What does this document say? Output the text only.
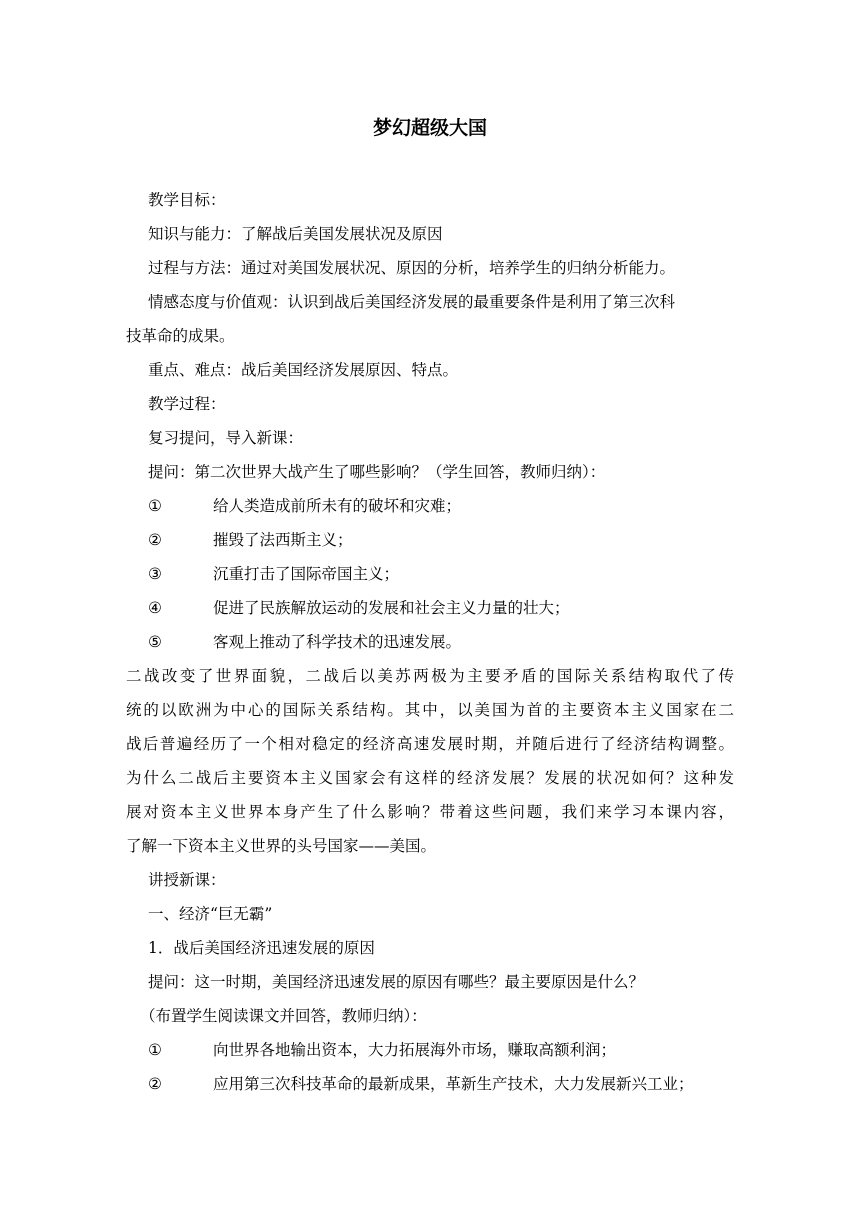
梦幻超级大国
教学目标：
知识与能力：了解战后美国发展状况及原因
过程与方法：通过对美国发展状况、原因的分析，培养学生的归纳分析能力。
情感态度与价值观：认识到战后美国经济发展的最重要条件是利用了第三次科
技革命的成果。
重点、难点：战后美国经济发展原因、特点。
教学过程：
复习提问，导入新课：
提问：第二次世界大战产生了哪些影响？（学生回答，教师归纳）：
①	给人类造成前所未有的破坏和灾难；
②	摧毁了法西斯主义；
③	沉重打击了国际帝国主义；
④	促进了民族解放运动的发展和社会主义力量的壮大；
⑤	客观上推动了科学技术的迅速发展。
二战改变了世界面貌，二战后以美苏两极为主要矛盾的国际关系结构取代了传
统的以欧洲为中心的国际关系结构。其中，以美国为首的主要资本主义国家在二
战后普遍经历了一个相对稳定的经济高速发展时期，并随后进行了经济结构调整。
为什么二战后主要资本主义国家会有这样的经济发展？发展的状况如何？这种发
展对资本主义世界本身产生了什么影响？带着这些问题，我们来学习本课内容，
了解一下资本主义世界的头号国家——美国。
讲授新课：
一、经济“巨无霸”
1．战后美国经济迅速发展的原因
提问：这一时期，美国经济迅速发展的原因有哪些？最主要原因是什么？
（布置学生阅读课文并回答，教师归纳）：
①	向世界各地输出资本，大力拓展海外市场，赚取高额利润；
②	应用第三次科技革命的最新成果，革新生产技术，大力发展新兴工业；
